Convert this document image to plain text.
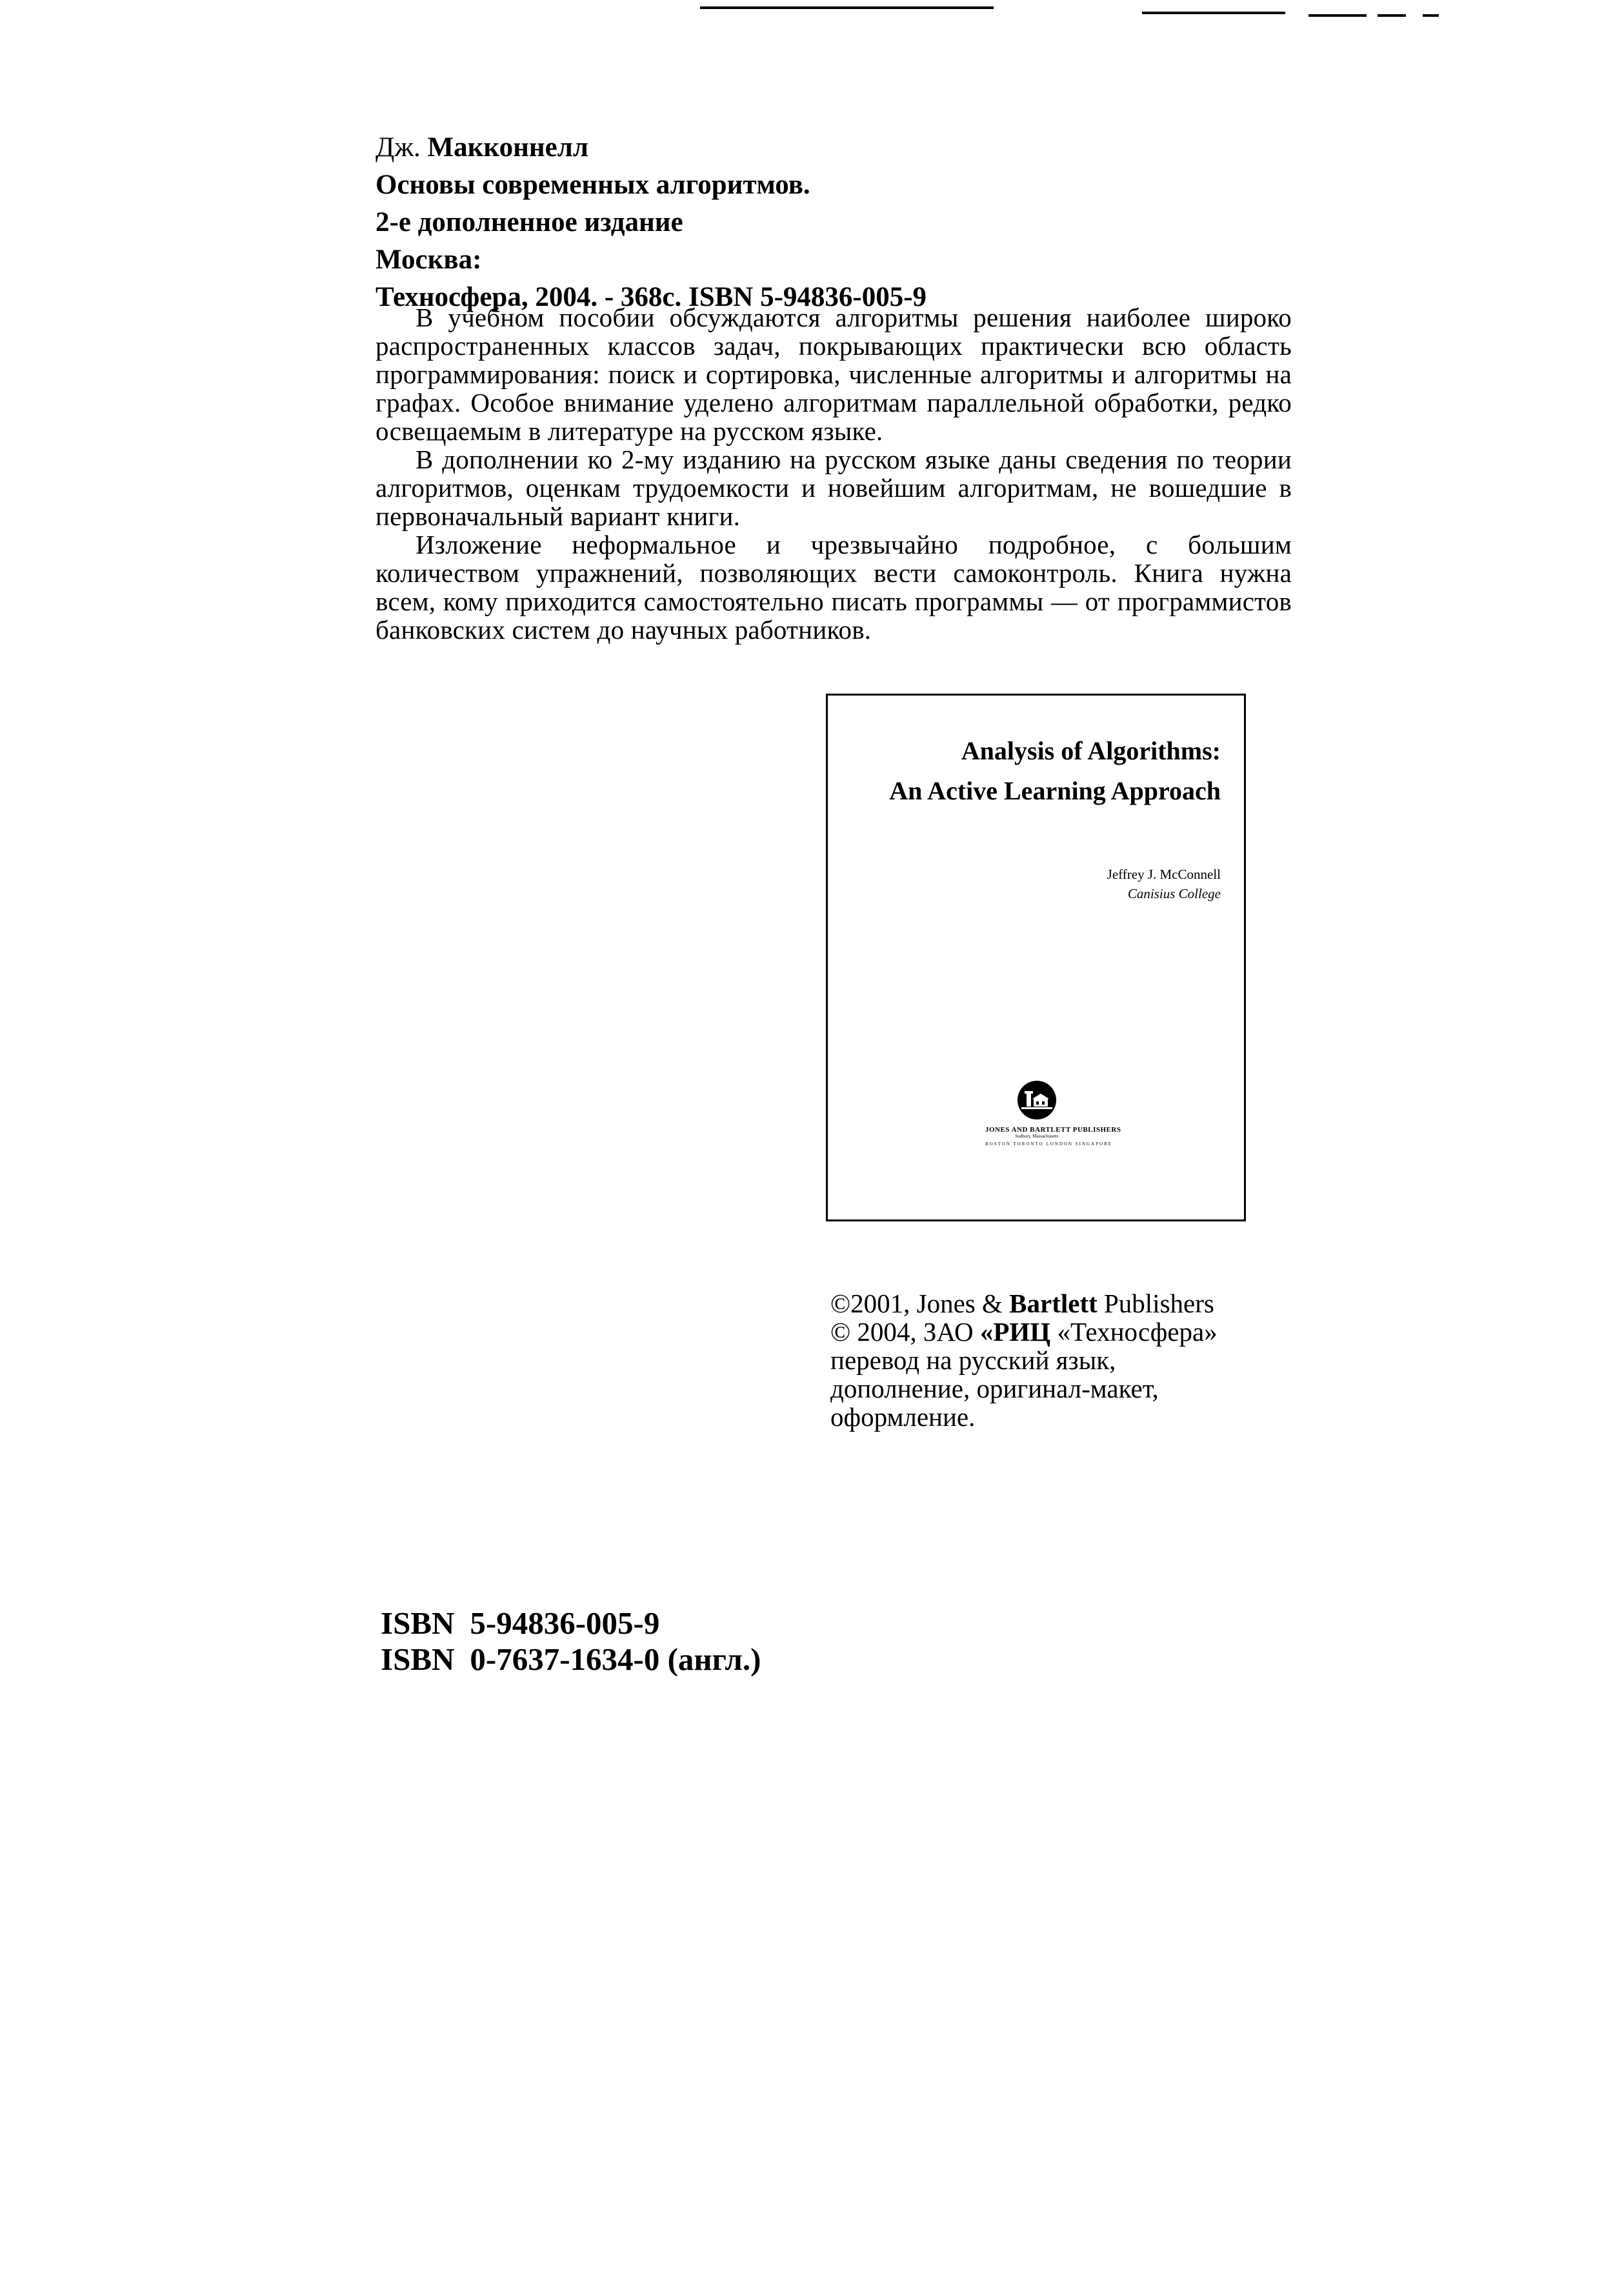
Дж. Макконнелл
Основы современных алгоритмов.
2-е дополненное издание
Москва:
Техносфера, 2004. - 368с. ISBN 5-94836-005-9

В учебном пособии обсуждаются алгоритмы решения наиболее широко распространенных классов задач, покрывающих практически всю область программирования: поиск и сортировка, численные алгоритмы и алгоритмы на графах. Особое внимание уделено алгоритмам параллельной обработки, редко освещаемым в литературе на русском языке.

В дополнении ко 2-му изданию на русском языке даны сведения по теории алгоритмов, оценкам трудоемкости и новейшим алгоритмам, не вошедшие в первоначальный вариант книги.

Изложение неформальное и чрезвычайно подробное, с большим количеством упражнений, позволяющих вести самоконтроль. Книга нужна всем, кому приходится самостоятельно писать программы — от программистов банковских систем до научных работников.

Analysis of Algorithms:
An Active Learning Approach
Jeffrey J. McConnell
Canisius College
JONES AND BARTLETT PUBLISHERS
Sudbury, Massachusetts
BOSTON TORONTO LONDON SINGAPORE
©2001, Jones & Bartlett Publishers
© 2004, ЗАО «РИЦ «Техносфера»
перевод на русский язык,
дополнение, оригинал-макет,
оформление.
ISBN 5-94836-005-9
ISBN 0-7637-1634-0 (англ.)
